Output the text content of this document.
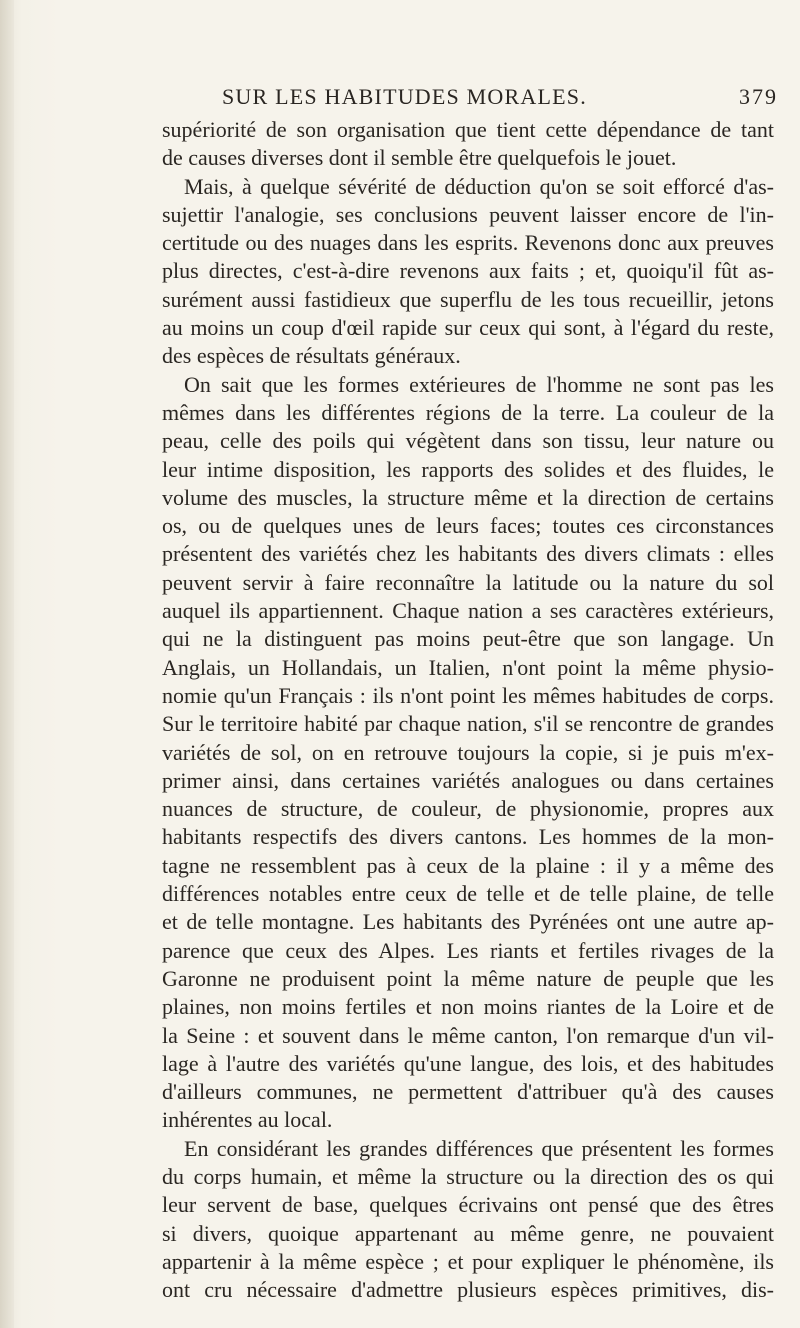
SUR LES HABITUDES MORALES.	379
supériorité de son organisation que tient cette dépendance de tant
de causes diverses dont il semble être quelquefois le jouet.
Mais, à quelque sévérité de déduction qu'on se soit efforcé d'as-
sujettir l'analogie, ses conclusions peuvent laisser encore de l'in-
certitude ou des nuages dans les esprits. Revenons donc aux preuves
plus directes, c'est-à-dire revenons aux faits ; et, quoiqu'il fût as-
surément aussi fastidieux que superflu de les tous recueillir, jetons
au moins un coup d'œil rapide sur ceux qui sont, à l'égard du reste,
des espèces de résultats généraux.
On sait que les formes extérieures de l'homme ne sont pas les
mêmes dans les différentes régions de la terre. La couleur de la
peau, celle des poils qui végètent dans son tissu, leur nature ou
leur intime disposition, les rapports des solides et des fluides, le
volume des muscles, la structure même et la direction de certains
os, ou de quelques unes de leurs faces; toutes ces circonstances
présentent des variétés chez les habitants des divers climats : elles
peuvent servir à faire reconnaître la latitude ou la nature du sol
auquel ils appartiennent. Chaque nation a ses caractères extérieurs,
qui ne la distinguent pas moins peut-être que son langage. Un
Anglais, un Hollandais, un Italien, n'ont point la même physio-
nomie qu'un Français : ils n'ont point les mêmes habitudes de corps.
Sur le territoire habité par chaque nation, s'il se rencontre de grandes
variétés de sol, on en retrouve toujours la copie, si je puis m'ex-
primer ainsi, dans certaines variétés analogues ou dans certaines
nuances de structure, de couleur, de physionomie, propres aux
habitants respectifs des divers cantons. Les hommes de la mon-
tagne ne ressemblent pas à ceux de la plaine : il y a même des
différences notables entre ceux de telle et de telle plaine, de telle
et de telle montagne. Les habitants des Pyrénées ont une autre ap-
parence que ceux des Alpes. Les riants et fertiles rivages de la
Garonne ne produisent point la même nature de peuple que les
plaines, non moins fertiles et non moins riantes de la Loire et de
la Seine : et souvent dans le même canton, l'on remarque d'un vil-
lage à l'autre des variétés qu'une langue, des lois, et des habitudes
d'ailleurs communes, ne permettent d'attribuer qu'à des causes
inhérentes au local.
En considérant les grandes différences que présentent les formes
du corps humain, et même la structure ou la direction des os qui
leur servent de base, quelques écrivains ont pensé que des êtres
si divers, quoique appartenant au même genre, ne pouvaient
appartenir à la même espèce ; et pour expliquer le phénomène, ils
ont cru nécessaire d'admettre plusieurs espèces primitives, dis-
